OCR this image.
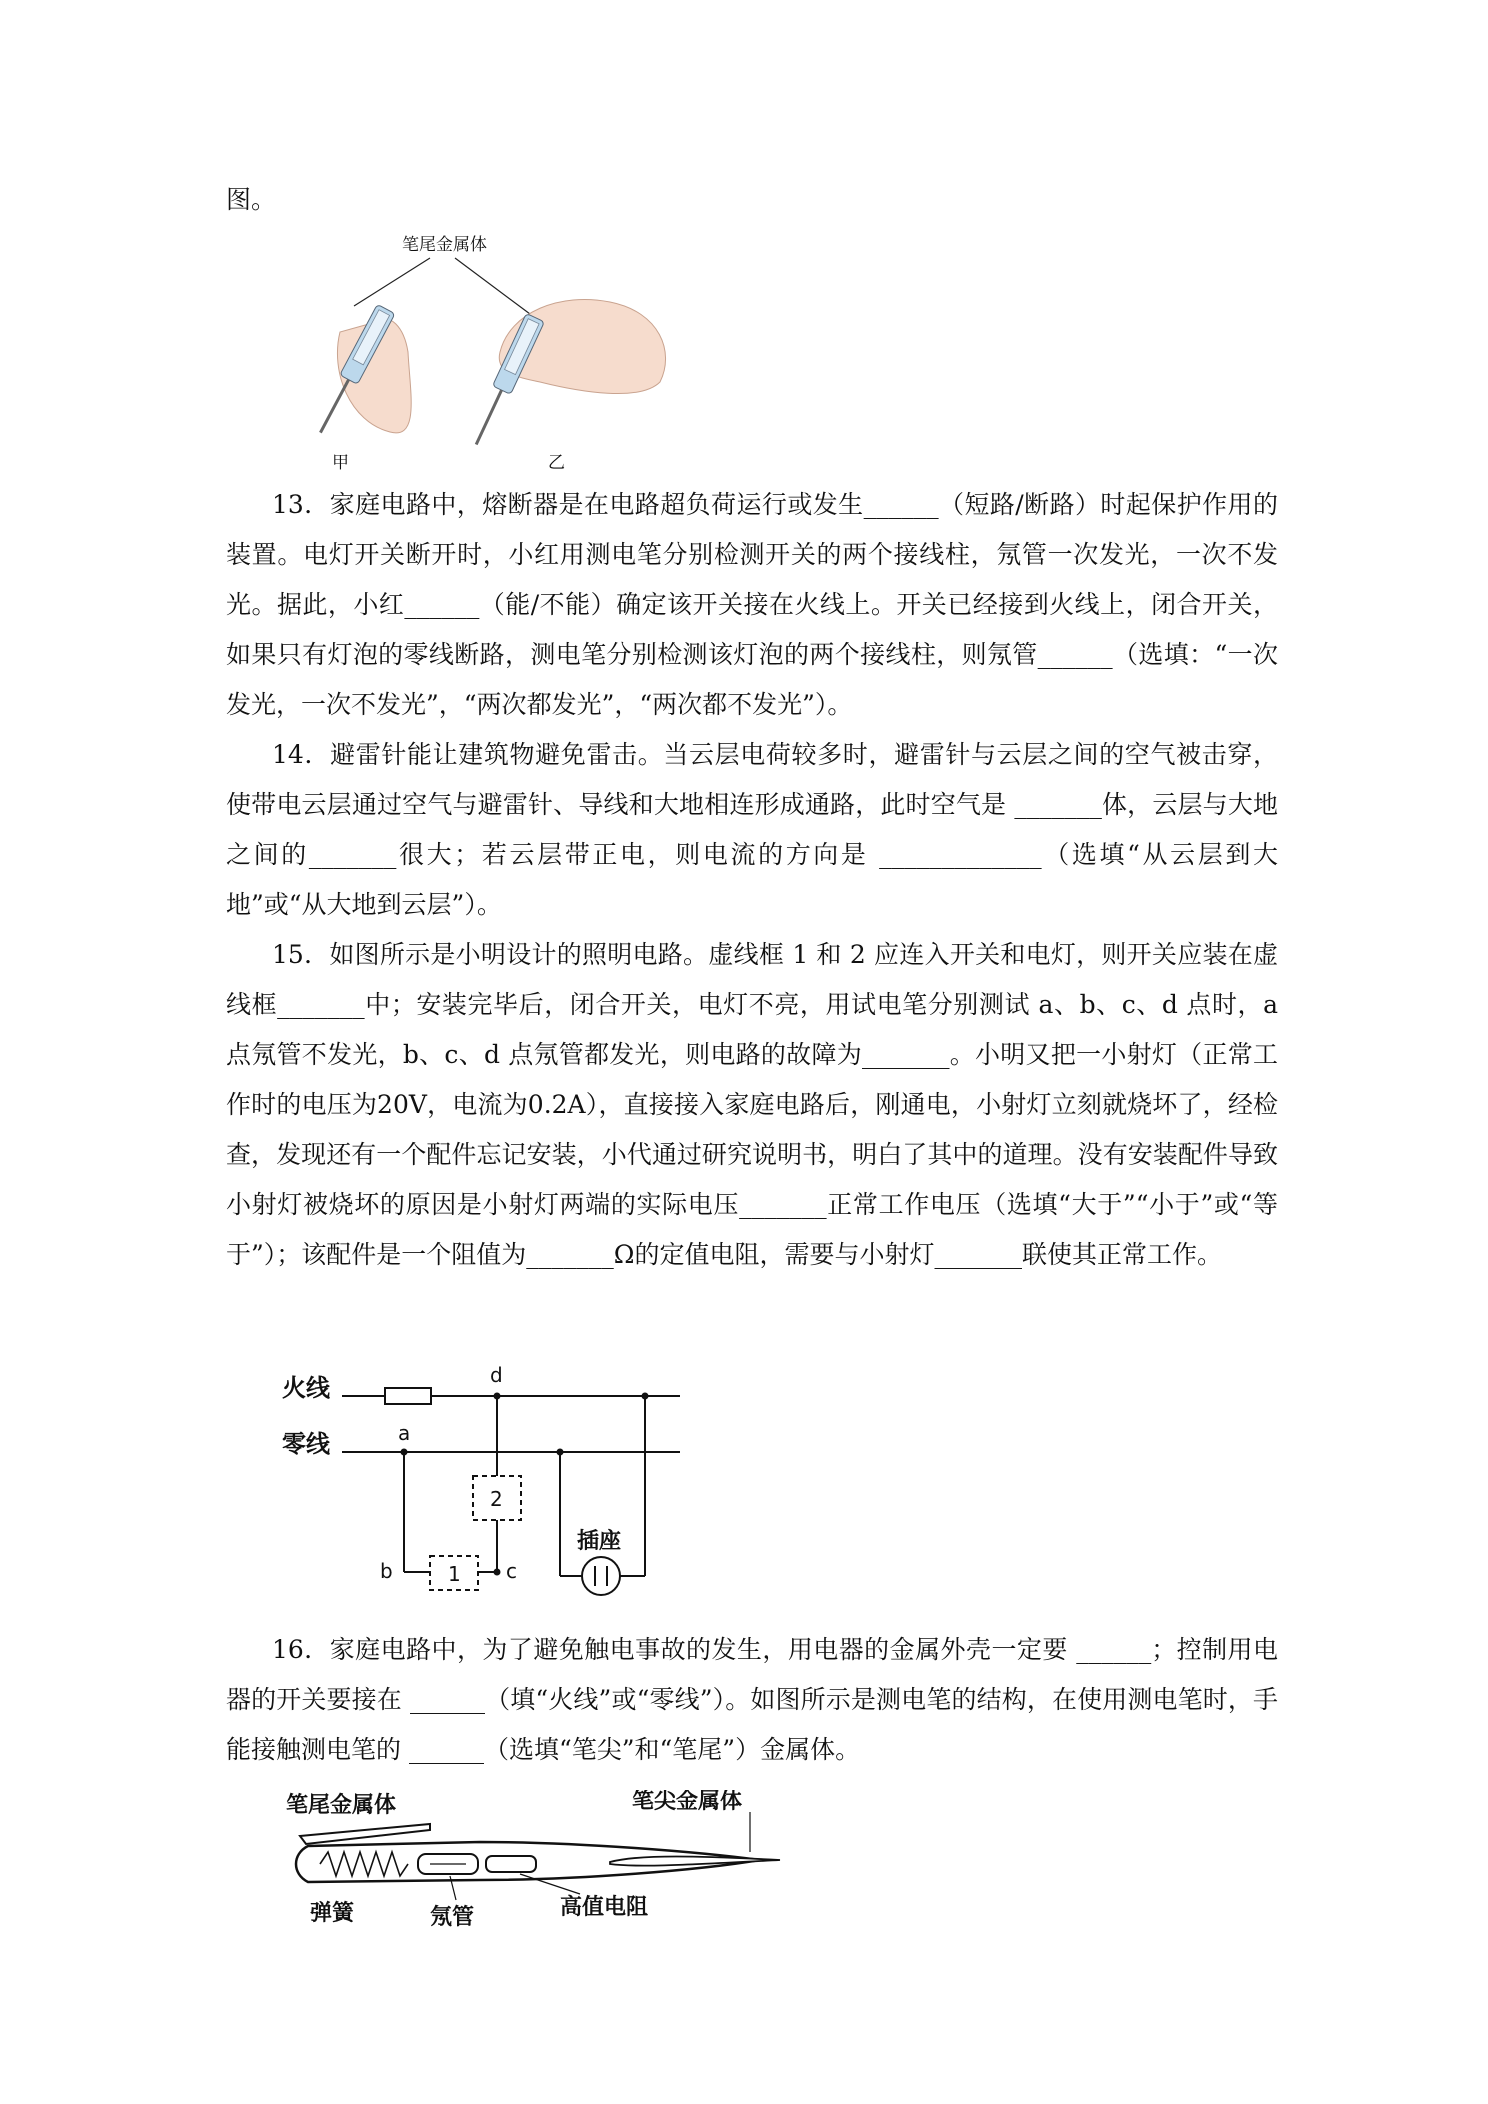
图。

笔尾金属体
甲	乙

13．家庭电路中，熔断器是在电路超负荷运行或发生______（短路/断路）时起保护作用的装置。电灯开关断开时，小红用测电笔分别检测开关的两个接线柱，氖管一次发光，一次不发光。据此，小红______（能/不能）确定该开关接在火线上。开关已经接到火线上，闭合开关，如果只有灯泡的零线断路，测电笔分别检测该灯泡的两个接线柱，则氖管______（选填：“一次发光，一次不发光”，“两次都发光”，“两次都不发光”）。

14．避雷针能让建筑物避免雷击。当云层电荷较多时，避雷针与云层之间的空气被击穿，使带电云层通过空气与避雷针、导线和大地相连形成通路，此时空气是 _______体，云层与大地之间的_______很大；若云层带正电，则电流的方向是 _____________（选填“从云层到大地”或“从大地到云层”）。

15．如图所示是小明设计的照明电路。虚线框 1 和 2 应连入开关和电灯，则开关应装在虚线框_______中；安装完毕后，闭合开关，电灯不亮，用试电笔分别测试 a、b、c、d 点时，a 点氖管不发光，b、c、d 点氖管都发光，则电路的故障为_______。小明又把一小射灯（正常工作时的电压为20V，电流为0.2A），直接接入家庭电路后，刚通电，小射灯立刻就烧坏了，经检查，发现还有一个配件忘记安装，小代通过研究说明书，明白了其中的道理。没有安装配件导致小射灯被烧坏的原因是小射灯两端的实际电压_______正常工作电压（选填“大于”“小于”或“等于”）；该配件是一个阻值为_______Ω的定值电阻，需要与小射灯_______联使其正常工作。

火线
零线	a
b	1 c
d
2
插座

16．家庭电路中，为了避免触电事故的发生，用电器的金属外壳一定要 ______；控制用电器的开关要接在 ______（填“火线”或“零线”）。如图所示是测电笔的结构，在使用测电笔时，手能接触测电笔的 ______（选填“笔尖”和“笔尾”）金属体。

笔尾金属体	笔尖金属体
弹簧	氖管	高值电阻
